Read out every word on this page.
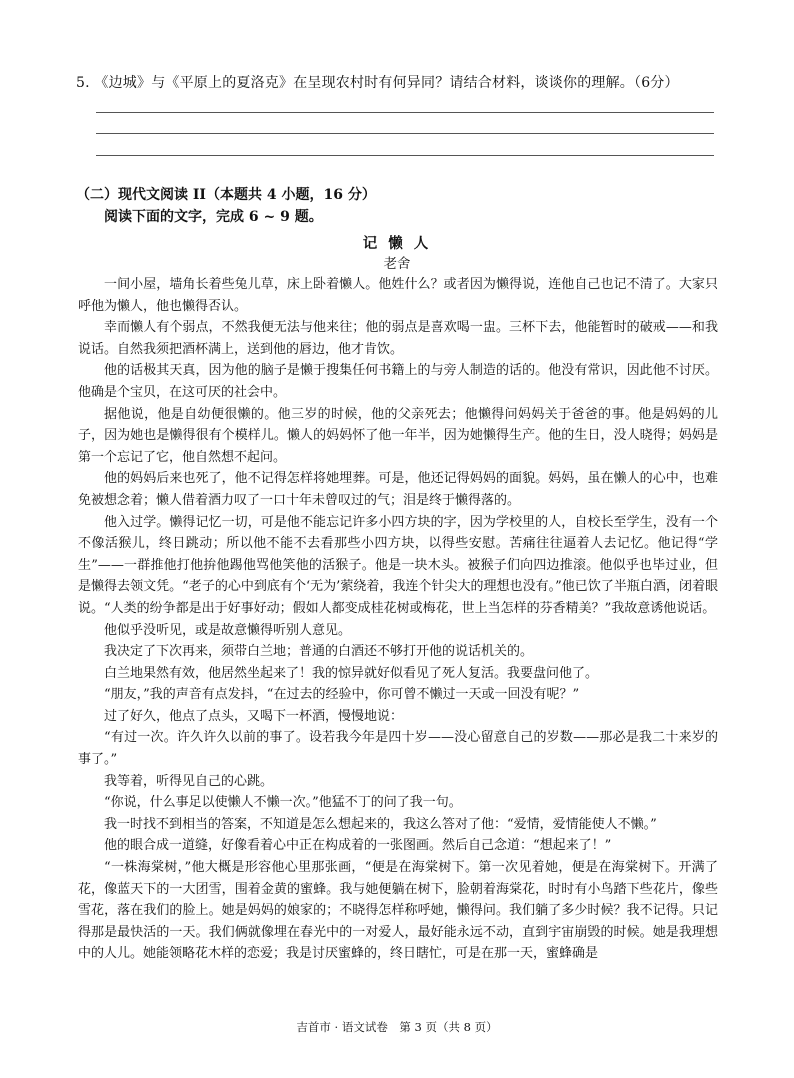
5. 《边城》与《平原上的夏洛克》在呈现农村时有何异同？请结合材料，谈谈你的理解。（6分）
（二）现代文阅读 II（本题共 4 小题，16 分）
阅读下面的文字，完成 6 ~ 9 题。
记 懒 人
老舍

一间小屋，墙角长着些兔儿草，床上卧着懒人。他姓什么？或者因为懒得说，连他自己也记不清了。大家只呼他为懒人，他也懒得否认。

幸而懒人有个弱点，不然我便无法与他来往；他的弱点是喜欢喝一盅。三杯下去，他能暂时的破戒——和我说话。自然我须把酒杯满上，送到他的唇边，他才肯饮。

他的话极其天真，因为他的脑子是懒于搜集任何书籍上的与旁人制造的话的。他没有常识，因此他不讨厌。他确是个宝贝，在这可厌的社会中。

据他说，他是自幼便很懒的。他三岁的时候，他的父亲死去；他懒得问妈妈关于爸爸的事。他是妈妈的儿子，因为她也是懒得很有个模样儿。懒人的妈妈怀了他一年半，因为她懒得生产。他的生日，没人晓得；妈妈是第一个忘记了它，他自然想不起问。

他的妈妈后来也死了，他不记得怎样将她埋葬。可是，他还记得妈妈的面貌。妈妈，虽在懒人的心中，也难免被想念着；懒人借着酒力叹了一口十年未曾叹过的气；泪是终于懒得落的。

他入过学。懒得记忆一切，可是他不能忘记许多小四方块的字，因为学校里的人，自校长至学生，没有一个不像活猴儿，终日跳动；所以他不能不去看那些小四方块，以得些安慰。苦痛往往逼着人去记忆。他记得“学生”——一群推他打他拚他踢他骂他笑他的活猴子。他是一块木头。被猴子们向四边推滚。他似乎也毕过业，但是懒得去领文凭。“老子的心中到底有个‘无为’萦绕着，我连个针尖大的理想也没有。”他已饮了半瓶白酒，闭着眼说。“人类的纷争都是出于好事好动；假如人都变成桂花树或梅花，世上当怎样的芬香精美？”我故意诱他说话。

他似乎没听见，或是故意懒得听别人意见。

我决定了下次再来，须带白兰地；普通的白酒还不够打开他的说话机关的。

白兰地果然有效，他居然坐起来了！我的惊异就好似看见了死人复活。我要盘问他了。

“朋友，”我的声音有点发抖，“在过去的经验中，你可曾不懒过一天或一回没有呢？”

过了好久，他点了点头，又喝下一杯酒，慢慢地说：

“有过一次。许久许久以前的事了。设若我今年是四十岁——没心留意自己的岁数——那必是我二十来岁的事了。”

我等着，听得见自己的心跳。

“你说，什么事足以使懒人不懒一次。”他猛不丁的问了我一句。

我一时找不到相当的答案，不知道是怎么想起来的，我这么答对了他：“爱情，爱情能使人不懒。”

他的眼合成一道缝，好像看着心中正在构成着的一张图画。然后自己念道：“想起来了！”

“一株海棠树，”他大概是形容他心里那张画，“便是在海棠树下。第一次见着她，便是在海棠树下。开满了花，像蓝天下的一大团雪，围着金黄的蜜蜂。我与她便躺在树下，脸朝着海棠花，时时有小鸟踏下些花片，像些雪花，落在我们的脸上。她是妈妈的娘家的；不晓得怎样称呼她，懒得问。我们躺了多少时候？我不记得。只记得那是最快活的一天。我们俩就像埋在春光中的一对爱人，最好能永远不动，直到宇宙崩毁的时候。她是我理想中的人儿。她能领略花木样的恋爱；我是讨厌蜜蜂的，终日瞎忙，可是在那一天，蜜蜂确是

吉首市 · 语文试卷　第 3 页（共 8 页）
